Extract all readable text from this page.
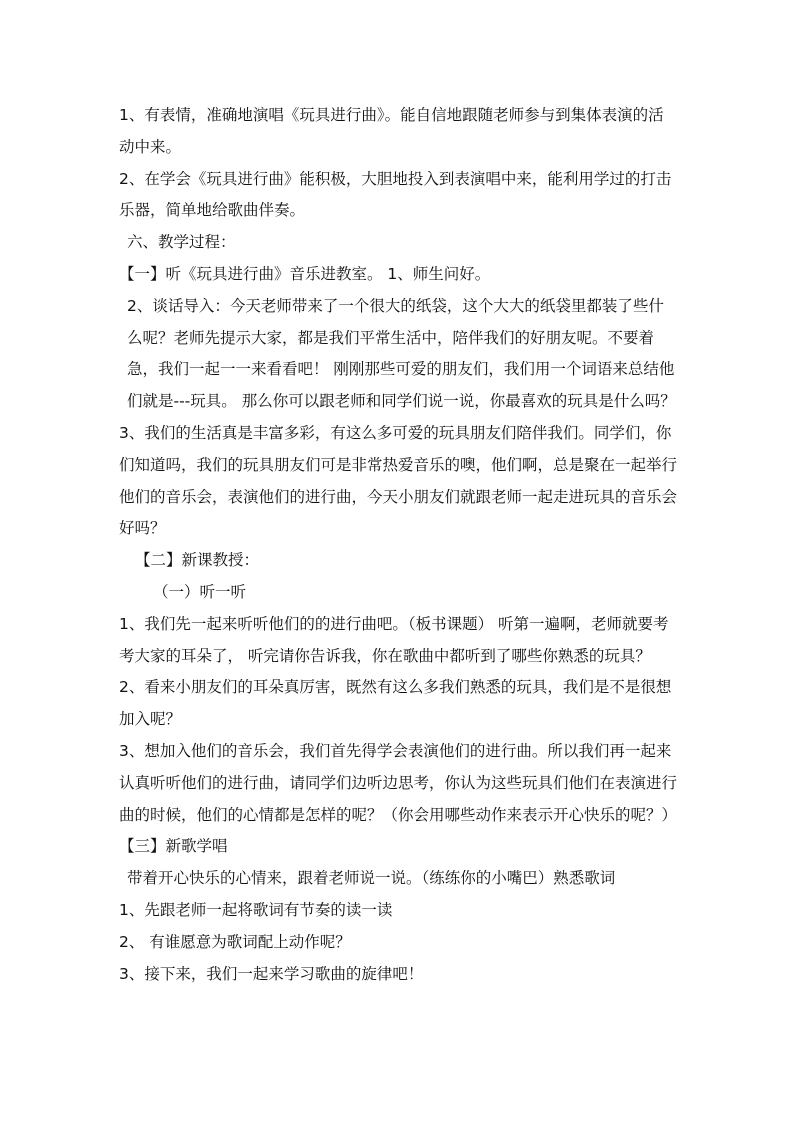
1、有表情，准确地演唱《玩具进行曲》。能自信地跟随老师参与到集体表演的活动中来。

2、在学会《玩具进行曲》能积极，大胆地投入到表演唱中来，能利用学过的打击乐器，简单地给歌曲伴奏。

六、教学过程：

【一】听《玩具进行曲》音乐进教室。 1、师生问好。

2、谈话导入：今天老师带来了一个很大的纸袋，这个大大的纸袋里都装了些什么呢？老师先提示大家，都是我们平常生活中，陪伴我们的好朋友呢。不要着急，我们一起一一来看看吧！ 刚刚那些可爱的朋友们，我们用一个词语来总结他们就是---玩具。 那么你可以跟老师和同学们说一说，你最喜欢的玩具是什么吗？

3、我们的生活真是丰富多彩，有这么多可爱的玩具朋友们陪伴我们。同学们，你们知道吗，我们的玩具朋友们可是非常热爱音乐的噢，他们啊，总是聚在一起举行他们的音乐会，表演他们的进行曲，今天小朋友们就跟老师一起走进玩具的音乐会好吗？

【二】新课教授：

（一）听一听

1、我们先一起来听听他们的的进行曲吧。（板书课题） 听第一遍啊，老师就要考考大家的耳朵了， 听完请你告诉我，你在歌曲中都听到了哪些你熟悉的玩具？

2、看来小朋友们的耳朵真厉害，既然有这么多我们熟悉的玩具，我们是不是很想加入呢？

3、想加入他们的音乐会，我们首先得学会表演他们的进行曲。所以我们再一起来认真听听他们的进行曲，请同学们边听边思考，你认为这些玩具们他们在表演进行曲的时候，他们的心情都是怎样的呢？（你会用哪些动作来表示开心快乐的呢？）

【三】新歌学唱

带着开心快乐的心情来，跟着老师说一说。（练练你的小嘴巴）熟悉歌词

1、先跟老师一起将歌词有节奏的读一读

2、 有谁愿意为歌词配上动作呢？

3、接下来，我们一起来学习歌曲的旋律吧！
